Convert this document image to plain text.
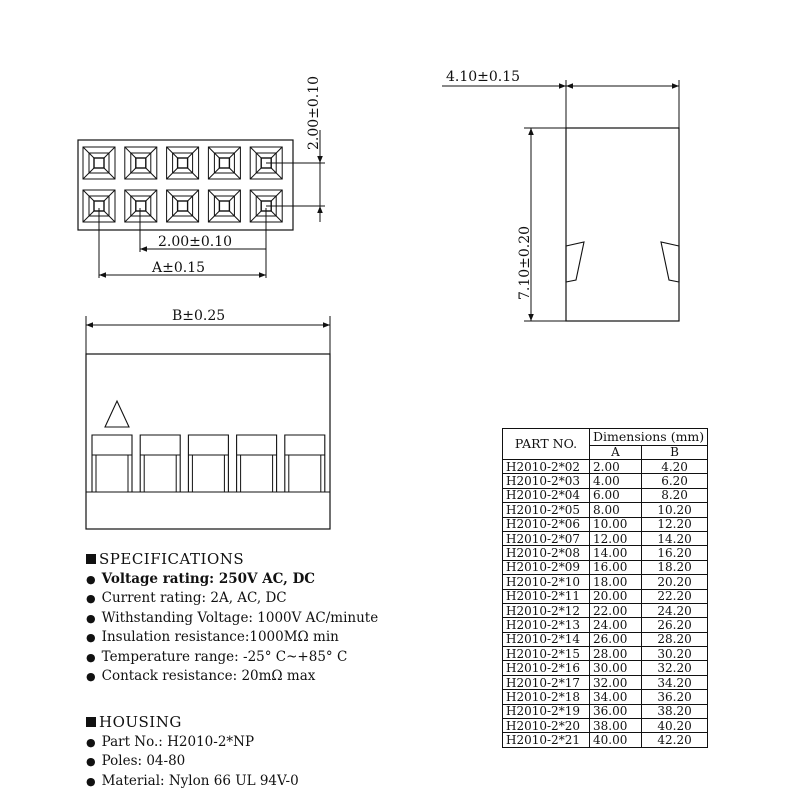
2.00±0.10
2.00±0.10
A±0.15
B±0.25
4.10±0.15
7.10±0.20
SPECIFICATIONS
● Voltage rating: 250V AC, DC
● Current rating: 2A, AC, DC
● Withstanding Voltage: 1000V AC/minute
● Insulation resistance:1000MΩ min
● Temperature range: -25° C~+85° C
● Contack resistance: 20mΩ max
HOUSING
● Part No.: H2010-2*NP
● Poles: 04-80
● Material: Nylon 66 UL 94V-0
PART NO.	Dimensions (mm)	
	A	B
H2010-2*02	2.00	4.20
H2010-2*03	4.00	6.20
H2010-2*04	6.00	8.20
H2010-2*05	8.00	10.20
H2010-2*06	10.00	12.20
H2010-2*07	12.00	14.20
H2010-2*08	14.00	16.20
H2010-2*09	16.00	18.20
H2010-2*10	18.00	20.20
H2010-2*11	20.00	22.20
H2010-2*12	22.00	24.20
H2010-2*13	24.00	26.20
H2010-2*14	26.00	28.20
H2010-2*15	28.00	30.20
H2010-2*16	30.00	32.20
H2010-2*17	32.00	34.20
H2010-2*18	34.00	36.20
H2010-2*19	36.00	38.20
H2010-2*20	38.00	40.20
H2010-2*21	40.00	42.20
